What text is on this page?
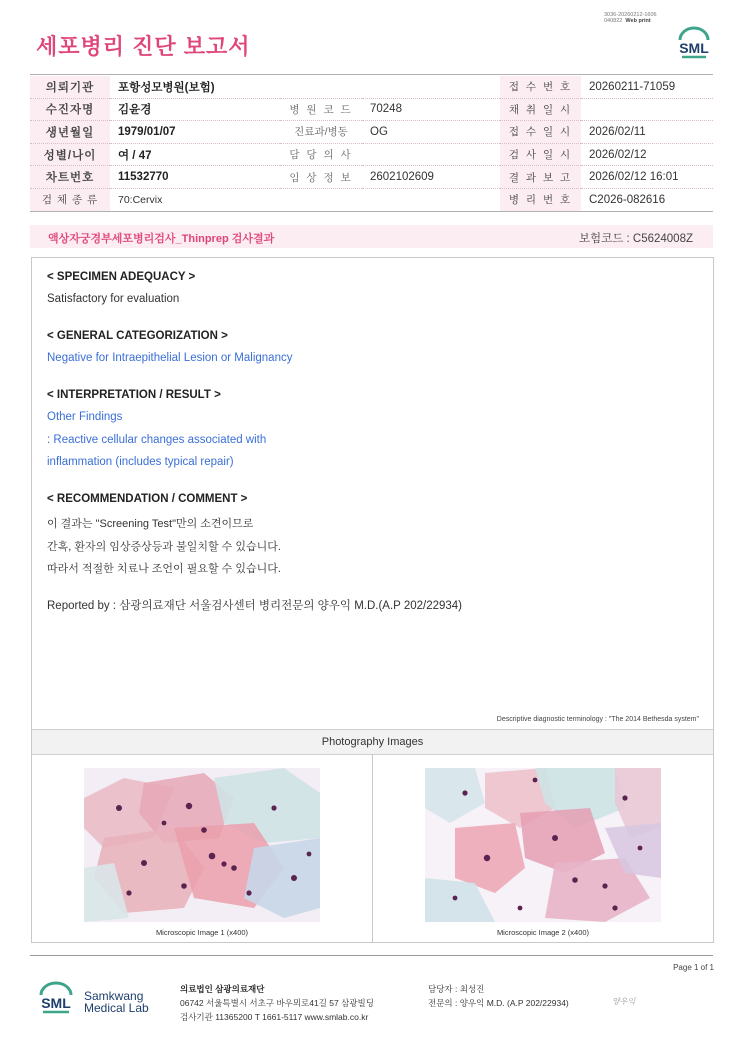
세포병리 진단 보고서
3036-20260212-1606
040822 Web print
SML
의뢰기관	포항성모병원(보험)			접 수 번 호	20260211-71059
수진자명	김윤경	병 원 코 드	70248	채 취 일 시	
생년월일	1979/01/07	진료과/병동	OG	접 수 일 시	2026/02/11
성별/나이	여 / 47	담 당 의 사		검 사 일 시	2026/02/12
차트번호	11532770	임 상 정 보	2602102609	결 과 보 고	2026/02/12 16:01
검 체 종 류	70:Cervix			병 리 번 호	C2026-082616
액상자궁경부세포병리검사_Thinprep 검사결과	보험코드 : C5624008Z
< SPECIMEN ADEQUACY >
Satisfactory for evaluation
< GENERAL CATEGORIZATION >
Negative for Intraepithelial Lesion or Malignancy
< INTERPRETATION / RESULT >
Other Findings
: Reactive cellular changes associated with
inflammation (includes typical repair)
< RECOMMENDATION / COMMENT >
이 결과는 "Screening Test"만의 소견이므로
간혹, 환자의 임상증상등과 불일치할 수 있습니다.
따라서 적절한 치료나 조언이 필요할 수 있습니다.
Reported by : 삼광의료재단 서울검사센터 병리전문의 양우익 M.D.(A.P 202/22934)
Descriptive diagnostic terminology : "The 2014 Bethesda system"
Photography Images
Microscopic Image 1 (x400)	Microscopic Image 2 (x400)
Page 1 of 1
SML Samkwang
Medical Lab
의료법인 삼광의료재단
06742 서울특별시 서초구 바우뫼로41길 57 삼광빌딩
검사기관 11365200 T 1661-5117 www.smlab.co.kr
담당자 : 최성진
전문의 : 양우익 M.D. (A.P 202/22934)	양우익
